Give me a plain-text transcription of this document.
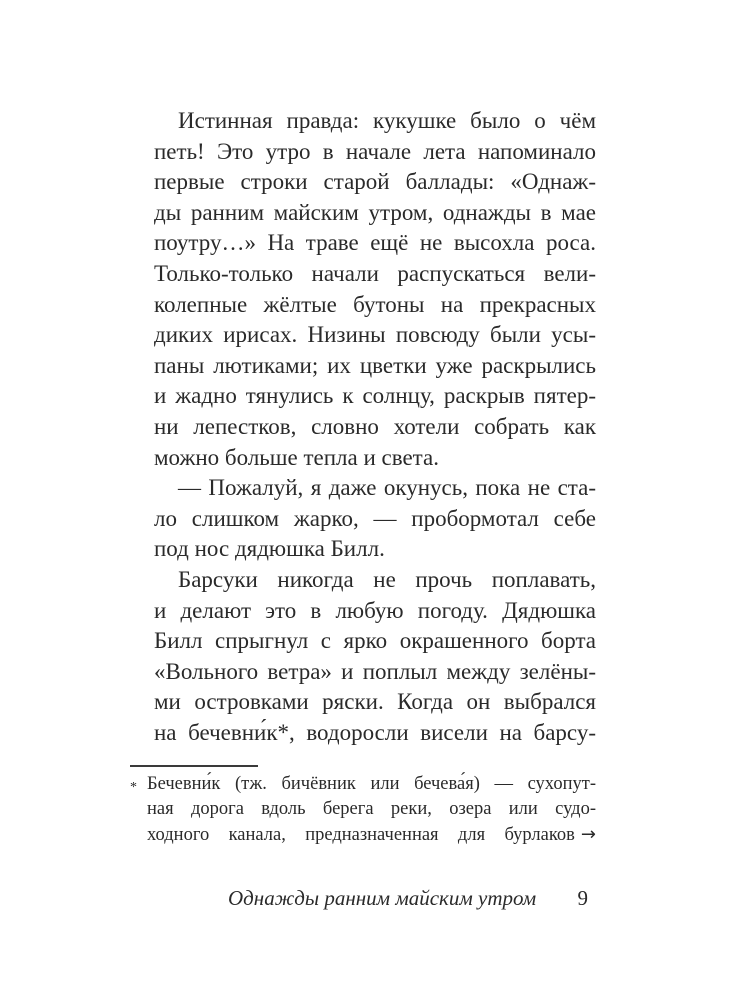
Истинная правда: кукушке было о чём
петь! Это утро в начале лета напоминало
первые строки старой баллады: «Однаж-
ды ранним майским утром, однажды в мае
поутру…» На траве ещё не высохла роса.
Только-только начали распускаться вели-
колепные жёлтые бутоны на прекрасных
диких ирисах. Низины повсюду были усы-
паны лютиками; их цветки уже раскрылись
и жадно тянулись к солнцу, раскрыв пятер-
ни лепестков, словно хотели собрать как
можно больше тепла и света.

— Пожалуй, я даже окунусь, пока не ста-
ло слишком жарко, — пробормотал себе
под нос дядюшка Билл.

Барсуки никогда не прочь поплавать,
и делают это в любую погоду. Дядюшка
Билл спрыгнул с ярко окрашенного борта
«Вольного ветра» и поплыл между зелёны-
ми островками ряски. Когда он выбрался
на бечевни́к*, водоросли висели на барсу-

* Бечевни́к (тж. бичёвник или бечева́я) — сухопут-
ная дорога вдоль берега реки, озера или судо-
ходного канала, предназначенная для бурлаков →
Однажды ранним майским утром 9
